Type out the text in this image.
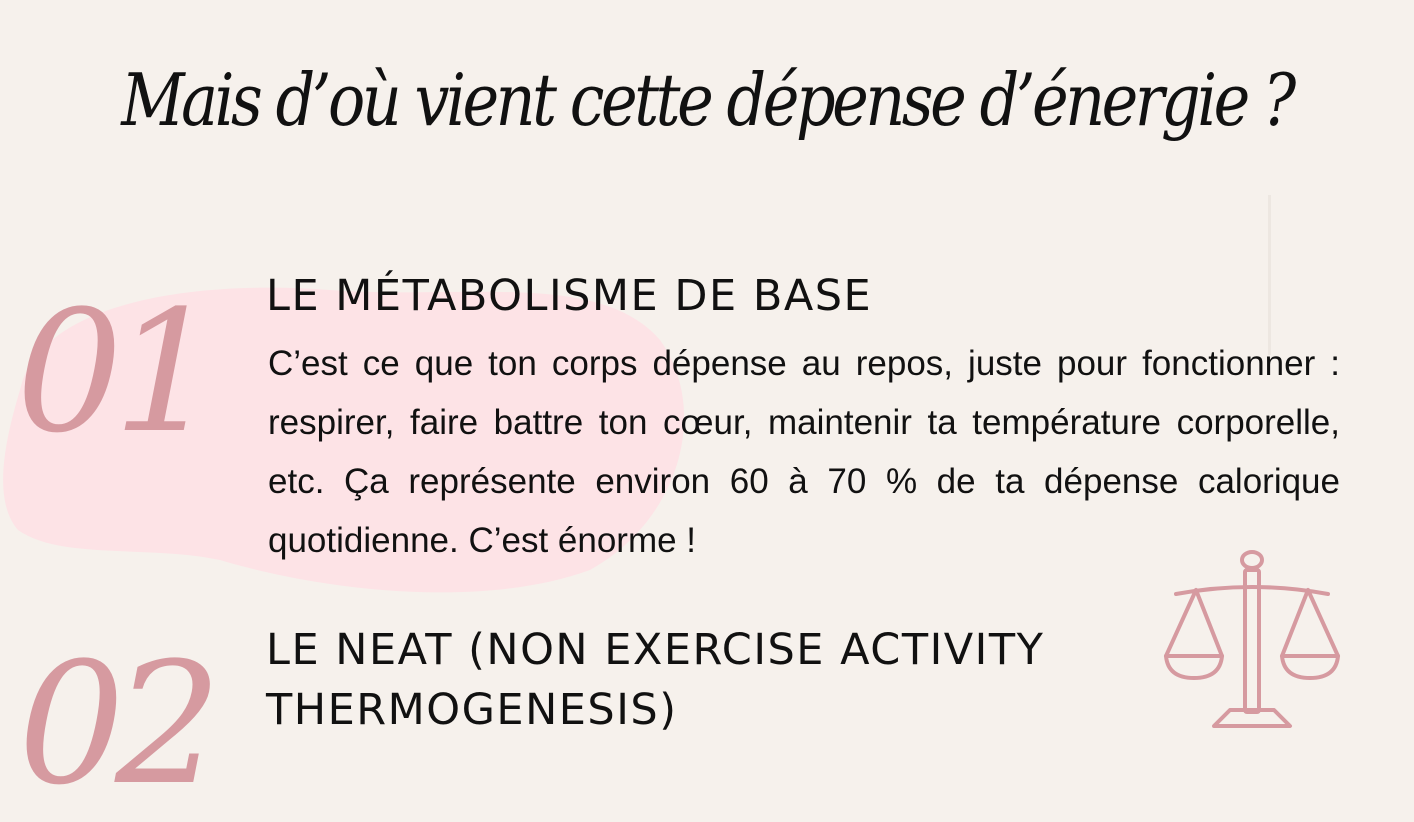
Mais d’où vient cette dépense d’énergie ?
01 LE MÉTABOLISME DE BASE

C’est ce que ton corps dépense au repos, juste pour fonctionner : respirer, faire battre ton cœur, maintenir ta température corporelle, etc. Ça représente environ 60 à 70 % de ta dépense calorique quotidienne. C’est énorme !

02 LE NEAT (NON EXERCISE ACTIVITY THERMOGENESIS)
